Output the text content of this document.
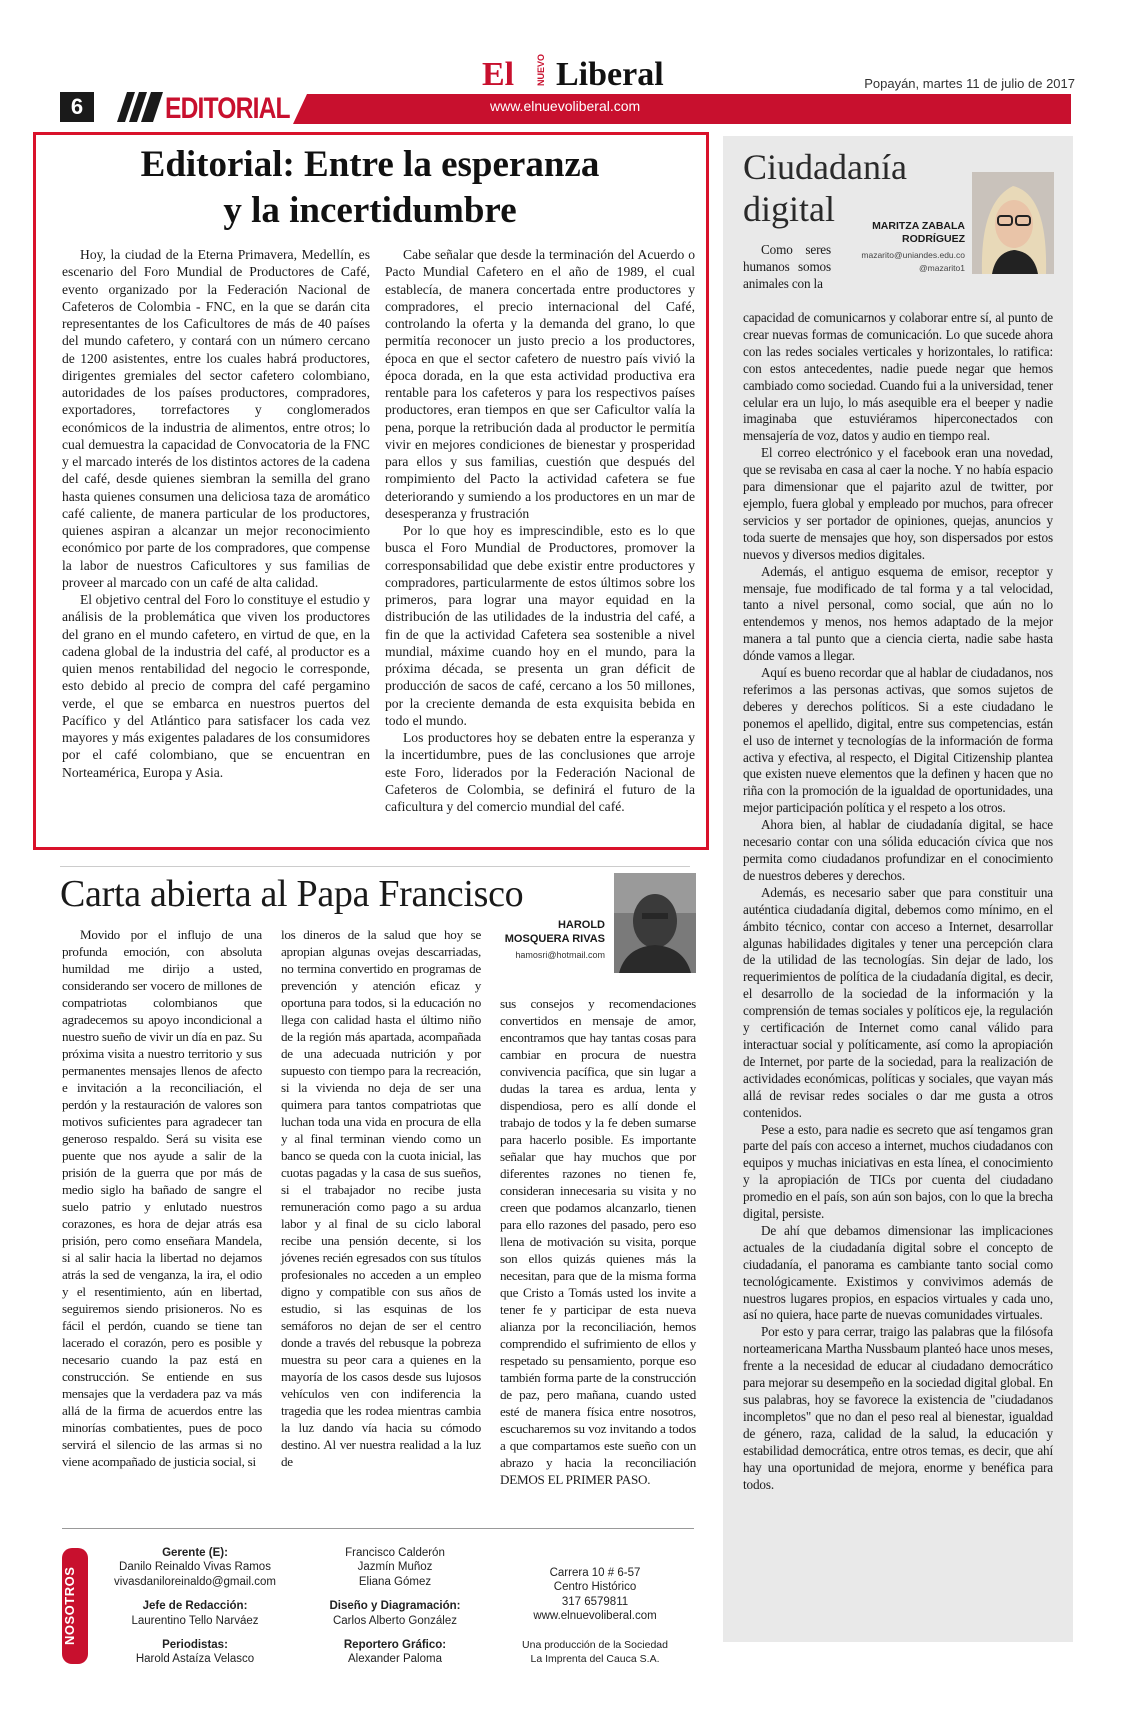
6	EDITORIAL	www.elnuevoliberal.com
El NUEVO Liberal	Popayán, martes 11 de julio de 2017
Editorial: Entre la esperanza
y la incertidumbre

Hoy, la ciudad de la Eterna Primavera, Medellín, es escenario del Foro Mundial de Productores de Café, evento organizado por la Federación Nacional de Cafeteros de Colombia - FNC, en la que se darán cita representantes de los Caficultores de más de 40 países del mundo cafetero, y contará con un número cercano de 1200 asistentes, entre los cuales habrá productores, dirigentes gremiales del sector cafetero colombiano, autoridades de los países productores, compradores, exportadores, torrefactores y conglomerados económicos de la industria de alimentos, entre otros; lo cual demuestra la capacidad de Convocatoria de la FNC y el marcado interés de los distintos actores de la cadena del café, desde quienes siembran la semilla del grano hasta quienes consumen una deliciosa taza de aromático café caliente, de manera particular de los productores, quienes aspiran a alcanzar un mejor reconocimiento económico por parte de los compradores, que compense la labor de nuestros Caficultores y sus familias de proveer al marcado con un café de alta calidad.

El objetivo central del Foro lo constituye el estudio y análisis de la problemática que viven los productores del grano en el mundo cafetero, en virtud de que, en la cadena global de la industria del café, al productor es a quien menos rentabilidad del negocio le corresponde, esto debido al precio de compra del café pergamino verde, el que se embarca en nuestros puertos del Pacífico y del Atlántico para satisfacer los cada vez mayores y más exigentes paladares de los consumidores por el café colombiano, que se encuentran en Norteamérica, Europa y Asia.

Cabe señalar que desde la terminación del Acuerdo o Pacto Mundial Cafetero en el año de 1989, el cual establecía, de manera concertada entre productores y compradores, el precio internacional del Café, controlando la oferta y la demanda del grano, lo que permitía reconocer un justo precio a los productores, época en que el sector cafetero de nuestro país vivió la época dorada, en la que esta actividad productiva era rentable para los cafeteros y para los respectivos países productores, eran tiempos en que ser Caficultor valía la pena, porque la retribución dada al productor le permitía vivir en mejores condiciones de bienestar y prosperidad para ellos y sus familias, cuestión que después del rompimiento del Pacto la actividad cafetera se fue deteriorando y sumiendo a los productores en un mar de desesperanza y frustración

Por lo que hoy es imprescindible, esto es lo que busca el Foro Mundial de Productores, promover la corresponsabilidad que debe existir entre productores y compradores, particularmente de estos últimos sobre los primeros, para lograr una mayor equidad en la distribución de las utilidades de la industria del café, a fin de que la actividad Cafetera sea sostenible a nivel mundial, máxime cuando hoy en el mundo, para la próxima década, se presenta un gran déficit de producción de sacos de café, cercano a los 50 millones, por la creciente demanda de esta exquisita bebida en todo el mundo.

Los productores hoy se debaten entre la esperanza y la incertidumbre, pues de las conclusiones que arroje este Foro, liderados por la Federación Nacional de Cafeteros de Colombia, se definirá el futuro de la caficultura y del comercio mundial del café.

Carta abierta al Papa Francisco
HAROLD
MOSQUERA RIVAS
hamosri@hotmail.com

Movido por el influjo de una profunda emoción, con absoluta humildad me dirijo a usted, considerando ser vocero de millones de compatriotas colombianos que agradecemos su apoyo incondicional a nuestro sueño de vivir un día en paz. Su próxima visita a nuestro territorio y sus permanentes mensajes llenos de afecto e invitación a la reconciliación, el perdón y la restauración de valores son motivos suficientes para agradecer tan generoso respaldo. Será su visita ese puente que nos ayude a salir de la prisión de la guerra que por más de medio siglo ha bañado de sangre el suelo patrio y enlutado nuestros corazones, es hora de dejar atrás esa prisión, pero como enseñara Mandela, si al salir hacia la libertad no dejamos atrás la sed de venganza, la ira, el odio y el resentimiento, aún en libertad, seguiremos siendo prisioneros. No es fácil el perdón, cuando se tiene tan lacerado el corazón, pero es posible y necesario cuando la paz está en construcción. Se entiende en sus mensajes que la verdadera paz va más allá de la firma de acuerdos entre las minorías combatientes, pues de poco servirá el silencio de las armas si no viene acompañado de justicia social, si

los dineros de la salud que hoy se apropian algunas ovejas descarriadas, no termina convertido en programas de prevención y atención eficaz y oportuna para todos, si la educación no llega con calidad hasta el último niño de la región más apartada, acompañada de una adecuada nutrición y por supuesto con tiempo para la recreación, si la vivienda no deja de ser una quimera para tantos compatriotas que luchan toda una vida en procura de ella y al final terminan viendo como un banco se queda con la cuota inicial, las cuotas pagadas y la casa de sus sueños, si el trabajador no recibe justa remuneración como pago a su ardua labor y al final de su ciclo laboral recibe una pensión decente, si los jóvenes recién egresados con sus títulos profesionales no acceden a un empleo digno y compatible con sus años de estudio, si las esquinas de los semáforos no dejan de ser el centro donde a través del rebusque la pobreza muestra su peor cara a quienes en la mayoría de los casos desde sus lujosos vehículos ven con indiferencia la tragedia que les rodea mientras cambia la luz dando vía hacia su cómodo destino. Al ver nuestra realidad a la luz de

sus consejos y recomendaciones convertidos en mensaje de amor, encontramos que hay tantas cosas para cambiar en procura de nuestra convivencia pacífica, que sin lugar a dudas la tarea es ardua, lenta y dispendiosa, pero es allí donde el trabajo de todos y la fe deben sumarse para hacerlo posible. Es importante señalar que hay muchos que por diferentes razones no tienen fe, consideran innecesaria su visita y no creen que podamos alcanzarlo, tienen para ello razones del pasado, pero eso llena de motivación su visita, porque son ellos quizás quienes más la necesitan, para que de la misma forma que Cristo a Tomás usted los invite a tener fe y participar de esta nueva alianza por la reconciliación, hemos comprendido el sufrimiento de ellos y respetado su pensamiento, porque eso también forma parte de la construcción de paz, pero mañana, cuando usted esté de manera física entre nosotros, escucharemos su voz invitando a todos a que compartamos este sueño con un abrazo y hacia la reconciliación DEMOS EL PRIMER PASO.

Ciudadanía
digital	MARITZA ZABALA
RODRÍGUEZ
mazarito@uniandes.edu.co
@mazarito1

Como seres humanos somos animales con la

capacidad de comunicarnos y colaborar entre sí, al punto de crear nuevas formas de comunicación. Lo que sucede ahora con las redes sociales verticales y horizontales, lo ratifica: con estos antecedentes, nadie puede negar que hemos cambiado como sociedad. Cuando fui a la universidad, tener celular era un lujo, lo más asequible era el beeper y nadie imaginaba que estuviéramos hiperconectados con mensajería de voz, datos y audio en tiempo real.

El correo electrónico y el facebook eran una novedad, que se revisaba en casa al caer la noche. Y no había espacio para dimensionar que el pajarito azul de twitter, por ejemplo, fuera global y empleado por muchos, para ofrecer servicios y ser portador de opiniones, quejas, anuncios y toda suerte de mensajes que hoy, son dispersados por estos nuevos y diversos medios digitales.

Además, el antiguo esquema de emisor, receptor y mensaje, fue modificado de tal forma y a tal velocidad, tanto a nivel personal, como social, que aún no lo entendemos y menos, nos hemos adaptado de la mejor manera a tal punto que a ciencia cierta, nadie sabe hasta dónde vamos a llegar.

Aquí es bueno recordar que al hablar de ciudadanos, nos referimos a las personas activas, que somos sujetos de deberes y derechos políticos. Si a este ciudadano le ponemos el apellido, digital, entre sus competencias, están el uso de internet y tecnologías de la información de forma activa y efectiva, al respecto, el Digital Citizenship plantea que existen nueve elementos que la definen y hacen que no riña con la promoción de la igualdad de oportunidades, una mejor participación política y el respeto a los otros.

Ahora bien, al hablar de ciudadanía digital, se hace necesario contar con una sólida educación cívica que nos permita como ciudadanos profundizar en el conocimiento de nuestros deberes y derechos.

Además, es necesario saber que para constituir una auténtica ciudadanía digital, debemos como mínimo, en el ámbito técnico, contar con acceso a Internet, desarrollar algunas habilidades digitales y tener una percepción clara de la utilidad de las tecnologías. Sin dejar de lado, los requerimientos de política de la ciudadanía digital, es decir, el desarrollo de la sociedad de la información y la comprensión de temas sociales y políticos eje, la regulación y certificación de Internet como canal válido para interactuar social y políticamente, así como la apropiación de Internet, por parte de la sociedad, para la realización de actividades económicas, políticas y sociales, que vayan más allá de revisar redes sociales o dar me gusta a otros contenidos.

Pese a esto, para nadie es secreto que así tengamos gran parte del país con acceso a internet, muchos ciudadanos con equipos y muchas iniciativas en esta línea, el conocimiento y la apropiación de TICs por cuenta del ciudadano promedio en el país, son aún son bajos, con lo que la brecha digital, persiste.

De ahí que debamos dimensionar las implicaciones actuales de la ciudadanía digital sobre el concepto de ciudadanía, el panorama es cambiante tanto social como tecnológicamente. Existimos y convivimos además de nuestros lugares propios, en espacios virtuales y cada uno, así no quiera, hace parte de nuevas comunidades virtuales.

Por esto y para cerrar, traigo las palabras que la filósofa norteamericana Martha Nussbaum planteó hace unos meses, frente a la necesidad de educar al ciudadano democrático para mejorar su desempeño en la sociedad digital global. En sus palabras, hoy se favorece la existencia de "ciudadanos incompletos" que no dan el peso real al bienestar, igualdad de género, raza, calidad de la salud, la educación y estabilidad democrática, entre otros temas, es decir, que ahí hay una oportunidad de mejora, enorme y benéfica para todos.

NOSOTROS
Gerente (E):
Danilo Reinaldo Vivas Ramos
vivasdaniloreinaldo@gmail.com
Jefe de Redacción:
Laurentino Tello Narváez
Periodistas:
Harold Astaíza Velasco
Francisco Calderón
Jazmín Muñoz
Eliana Gómez
Diseño y Diagramación:
Carlos Alberto González
Reportero Gráfico:
Alexander Paloma
Carrera 10 # 6-57
Centro Histórico
317 6579811
www.elnuevoliberal.com
Una producción de la Sociedad
La Imprenta del Cauca S.A.
